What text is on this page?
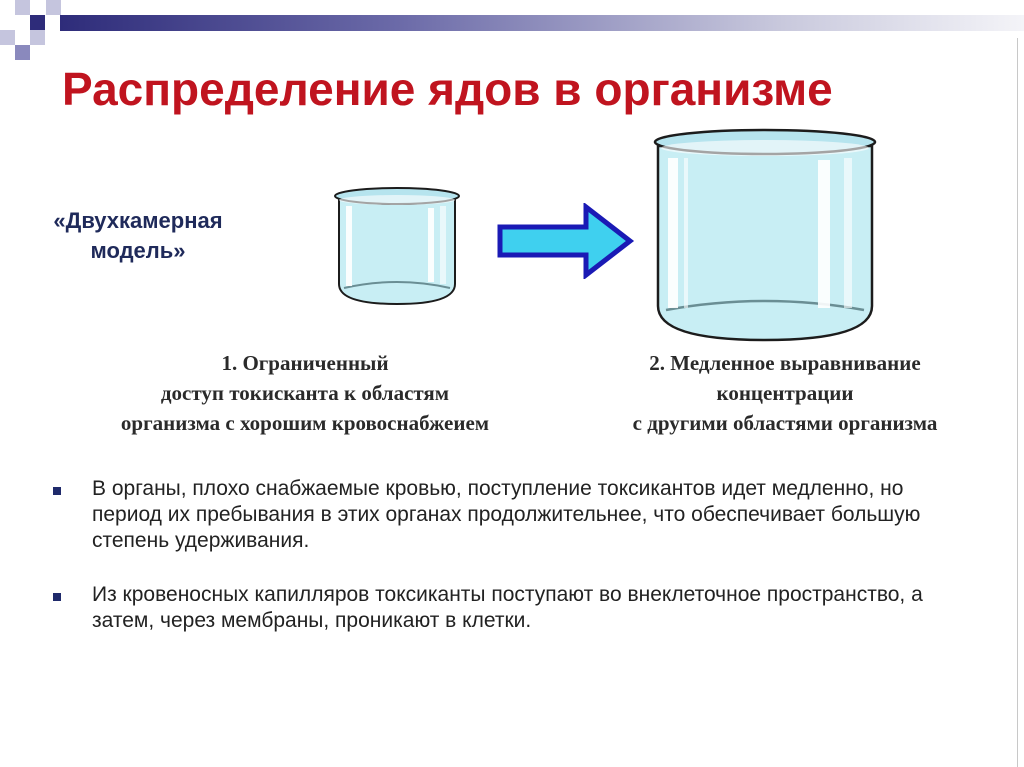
Распределение ядов в организме
«Двухкамерная модель»
1. Ограниченный
доступ токисканта к областям
организма с хорошим кровоснабжеием
2. Медленное выравнивание
концентрации
с другими областями организма
В органы, плохо снабжаемые кровью, поступление токсикантов идет медленно, но период их пребывания в этих органах продолжительнее, что обеспечивает большую степень удерживания.
Из кровеносных капилляров токсиканты поступают во внеклеточное пространство, а затем, через мембраны, проникают в клетки.
